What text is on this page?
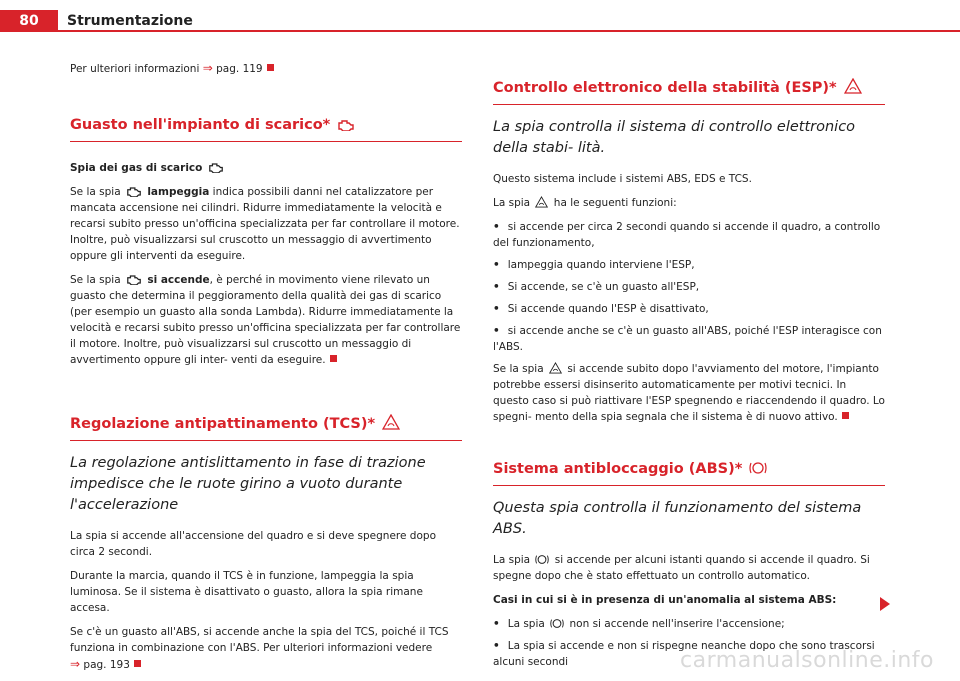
80	Strumentazione

Per ulteriori informazioni ⇒ pag. 119

Guasto nell'impianto di scarico*
Spia dei gas di scarico

Se la spia	lampeggia indica possibili danni nel catalizzatore per mancata accensione nei cilindri. Ridurre immediatamente la velocità e recarsi subito presso un'officina specializzata per far controllare il motore. Inoltre, può visualizzarsi sul cruscotto un messaggio di avvertimento oppure gli interventi da eseguire.

Se la spia	si accende, è perché in movimento viene rilevato un guasto che determina il peggioramento della qualità dei gas di scarico (per esempio un guasto alla sonda Lambda). Ridurre immediatamente la velocità e recarsi subito presso un'officina specializzata per far controllare il motore. Inoltre, può visualizzarsi sul cruscotto un messaggio di avvertimento oppure gli inter- venti da eseguire.

Regolazione antipattinamento (TCS)*
La regolazione antislittamento in fase di trazione impedisce che le ruote girino a vuoto durante l'accelerazione

La spia si accende all'accensione del quadro e si deve spegnere dopo circa 2 secondi.

Durante la marcia, quando il TCS è in funzione, lampeggia la spia luminosa. Se il sistema è disattivato o guasto, allora la spia rimane accesa.

Se c'è un guasto all'ABS, si accende anche la spia del TCS, poiché il TCS funziona in combinazione con l'ABS. Per ulteriori informazioni vedere
⇒ pag. 193

Controllo elettronico della stabilità (ESP)*
La spia controlla il sistema di controllo elettronico della stabi- lità.

Questo sistema include i sistemi ABS, EDS e TCS.

La spia ha le seguenti funzioni:

• si accende per circa 2 secondi quando si accende il quadro, a controllo del funzionamento,
• lampeggia quando interviene l'ESP,
• Si accende, se c'è un guasto all'ESP,
• Si accende quando l'ESP è disattivato,
• si accende anche se c'è un guasto all'ABS, poiché l'ESP interagisce con l'ABS.

Se la spia si accende subito dopo l'avviamento del motore, l'impianto potrebbe essersi disinserito automaticamente per motivi tecnici. In questo caso si può riattivare l'ESP spegnendo e riaccendendo il quadro. Lo spegni- mento della spia segnala che il sistema è di nuovo attivo.

Sistema antibloccaggio (ABS)*
Questa spia controlla il funzionamento del sistema ABS.

La spia si accende per alcuni istanti quando si accende il quadro. Si spegne dopo che è stato effettuato un controllo automatico.

Casi in cui si è in presenza di un'anomalia al sistema ABS:
• La spia non si accende nell'inserire l'accensione;
• La spia si accende e non si rispegne neanche dopo che sono trascorsi alcuni secondi	carmanualsonline.info
